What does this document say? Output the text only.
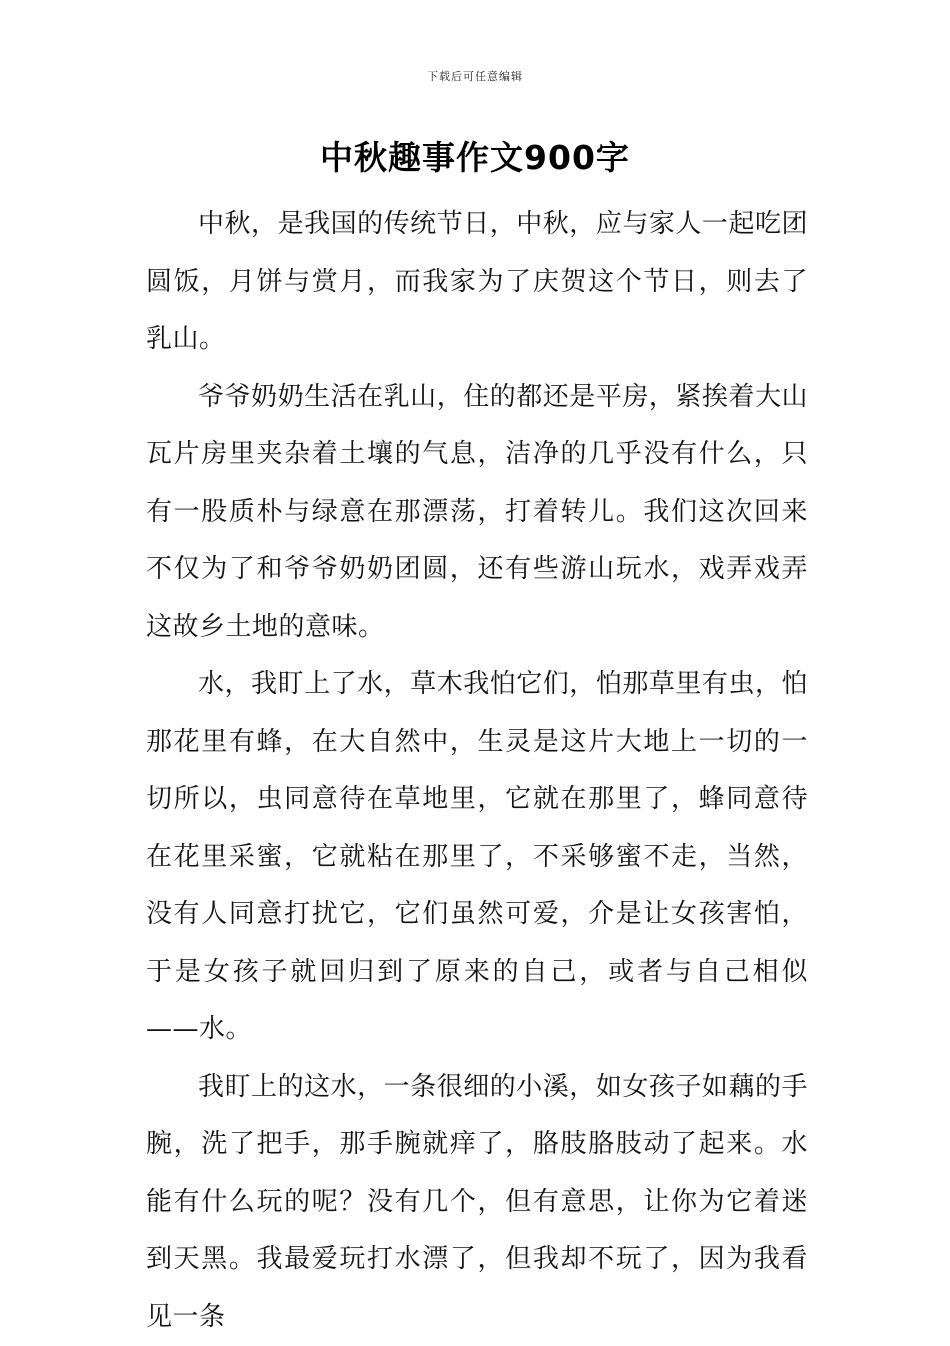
下载后可任意编辑
中秋趣事作文900字

中秋，是我国的传统节日，中秋，应与家人一起吃团圆饭，月饼与赏月，而我家为了庆贺这个节日，则去了乳山。

爷爷奶奶生活在乳山，住的都还是平房，紧挨着大山瓦片房里夹杂着土壤的气息，洁净的几乎没有什么，只有一股质朴与绿意在那漂荡，打着转儿。我们这次回来不仅为了和爷爷奶奶团圆，还有些游山玩水，戏弄戏弄这故乡土地的意味。

水，我盯上了水，草木我怕它们，怕那草里有虫，怕那花里有蜂，在大自然中，生灵是这片大地上一切的一切所以，虫同意待在草地里，它就在那里了，蜂同意待在花里采蜜，它就粘在那里了，不采够蜜不走，当然，没有人同意打扰它，它们虽然可爱，介是让女孩害怕，于是女孩子就回归到了原来的自己，或者与自己相似——水。

我盯上的这水，一条很细的小溪，如女孩子如藕的手腕，洗了把手，那手腕就痒了，胳肢胳肢动了起来。水能有什么玩的呢？没有几个，但有意思，让你为它着迷到天黑。我最爱玩打水漂了，但我却不玩了，因为我看见一条
